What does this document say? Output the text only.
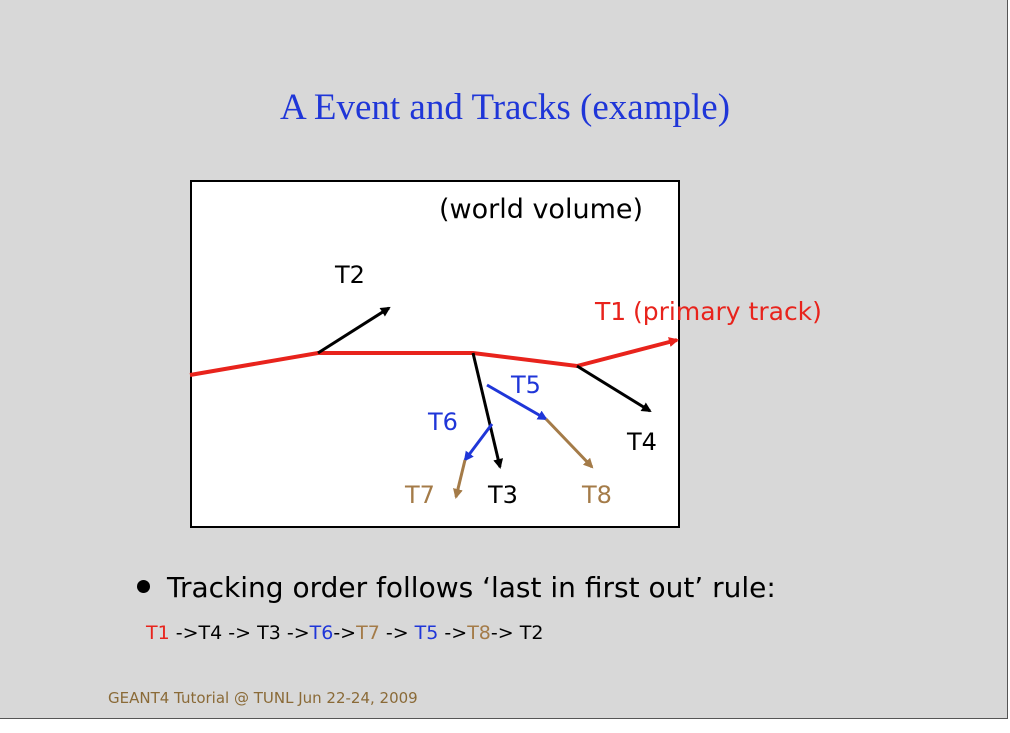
A Event and Tracks (example)
(world volume)
T2
T1 (primary track)
T5
T6
T4
T7 T3	T8
Tracking order follows ‘last in first out’ rule:
T1 ->T4 -> T3 ->T6->T7 -> T5 ->T8-> T2
GEANT4 Tutorial @ TUNL Jun 22-24, 2009
